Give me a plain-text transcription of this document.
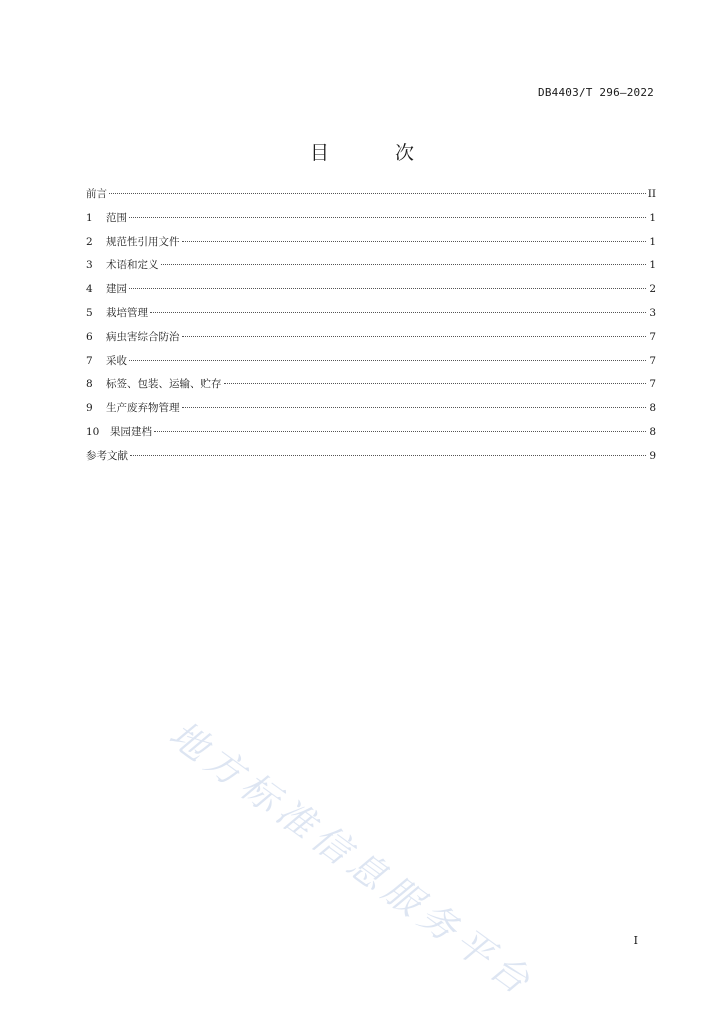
DB4403/T 296—2022
目 次
前言	II
1	范围	1
2	规范性引用文件	1
3	术语和定义	1
4	建园	2
5	栽培管理	3
6	病虫害综合防治	7
7	采收	7
8	标签、包装、运输、贮存	7
9	生产废弃物管理	8
10	果园建档	8
参考文献	9
地方标准信息服务平台	I
